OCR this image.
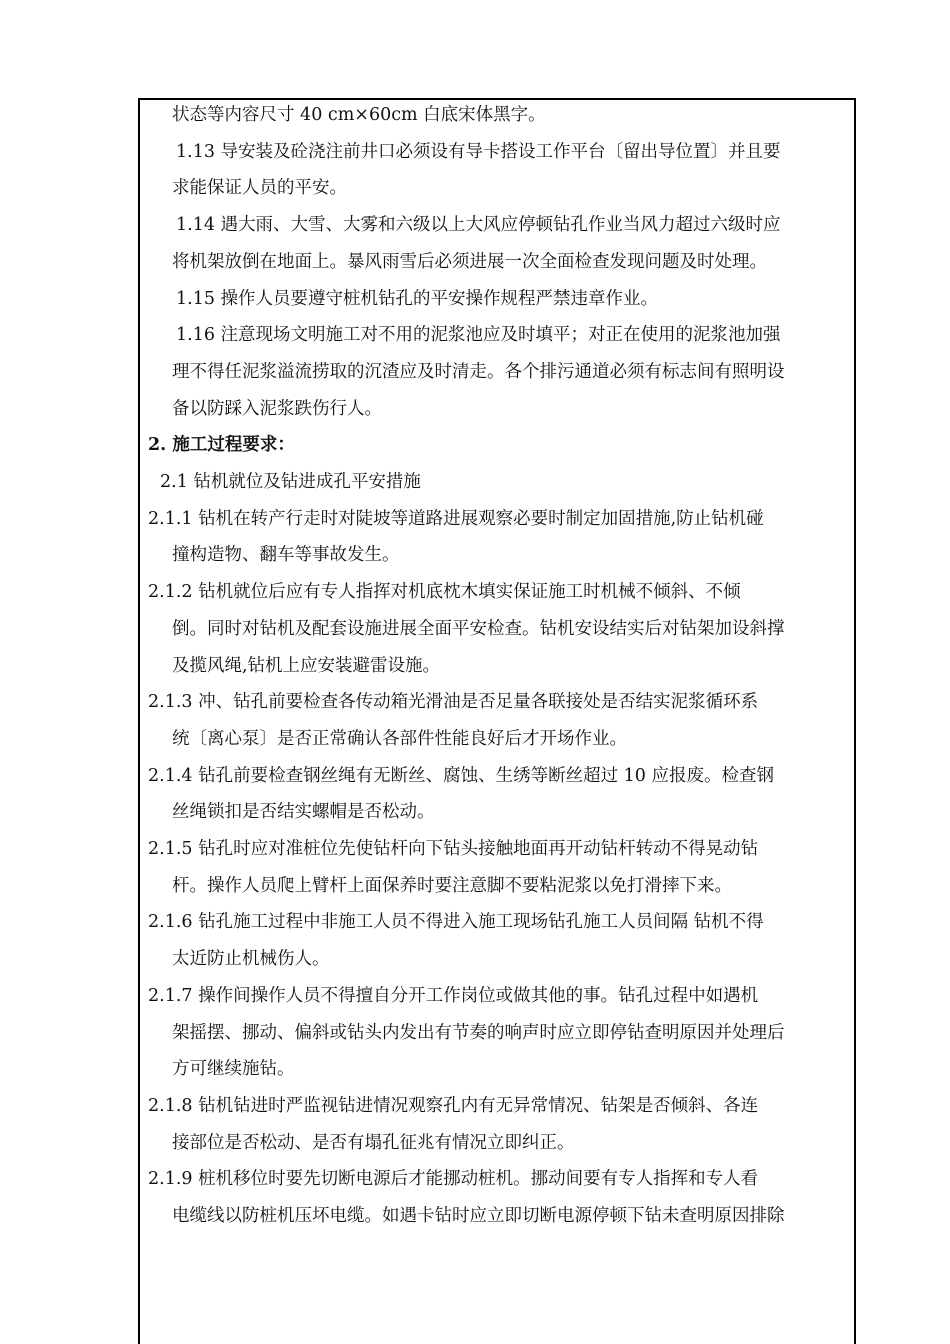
状态等内容尺寸 40 cm×60cm 白底宋体黑字。
1.13 导安装及砼浇注前井口必须设有导卡搭设工作平台〔留出导位置〕并且要
求能保证人员的平安。
1.14 遇大雨、大雪、大雾和六级以上大风应停顿钻孔作业当风力超过六级时应
将机架放倒在地面上。暴风雨雪后必须进展一次全面检查发现问题及时处理。
1.15 操作人员要遵守桩机钻孔的平安操作规程严禁违章作业。
1.16 注意现场文明施工对不用的泥浆池应及时填平；对正在使用的泥浆池加强
理不得任泥浆溢流捞取的沉渣应及时清走。各个排污通道必须有标志间有照明设
备以防踩入泥浆跌伤行人。
2. 施工过程要求：
2.1 钻机就位及钻进成孔平安措施
2.1.1 钻机在转产行走时对陡坡等道路进展观察必要时制定加固措施,防止钻机碰
撞构造物、翻车等事故发生。
2.1.2 钻机就位后应有专人指挥对机底枕木填实保证施工时机械不倾斜、不倾
倒。同时对钻机及配套设施进展全面平安检查。钻机安设结实后对钻架加设斜撑
及揽风绳,钻机上应安装避雷设施。
2.1.3 冲、钻孔前要检查各传动箱光滑油是否足量各联接处是否结实泥浆循环系
统〔离心泵〕是否正常确认各部件性能良好后才开场作业。
2.1.4 钻孔前要检查钢丝绳有无断丝、腐蚀、生绣等断丝超过 10 应报废。检查钢
丝绳锁扣是否结实螺帽是否松动。
2.1.5 钻孔时应对准桩位先使钻杆向下钻头接触地面再开动钻杆转动不得晃动钻
杆。操作人员爬上臂杆上面保养时要注意脚不要粘泥浆以免打滑摔下来。
2.1.6 钻孔施工过程中非施工人员不得进入施工现场钻孔施工人员间隔 钻机不得
太近防止机械伤人。
2.1.7 操作间操作人员不得擅自分开工作岗位或做其他的事。钻孔过程中如遇机
架摇摆、挪动、偏斜或钻头内发出有节奏的响声时应立即停钻查明原因并处理后
方可继续施钻。
2.1.8 钻机钻进时严监视钻进情况观察孔内有无异常情况、钻架是否倾斜、各连
接部位是否松动、是否有塌孔征兆有情况立即纠正。
2.1.9 桩机移位时要先切断电源后才能挪动桩机。挪动间要有专人指挥和专人看
电缆线以防桩机压坏电缆。如遇卡钻时应立即切断电源停顿下钻未查明原因排除
